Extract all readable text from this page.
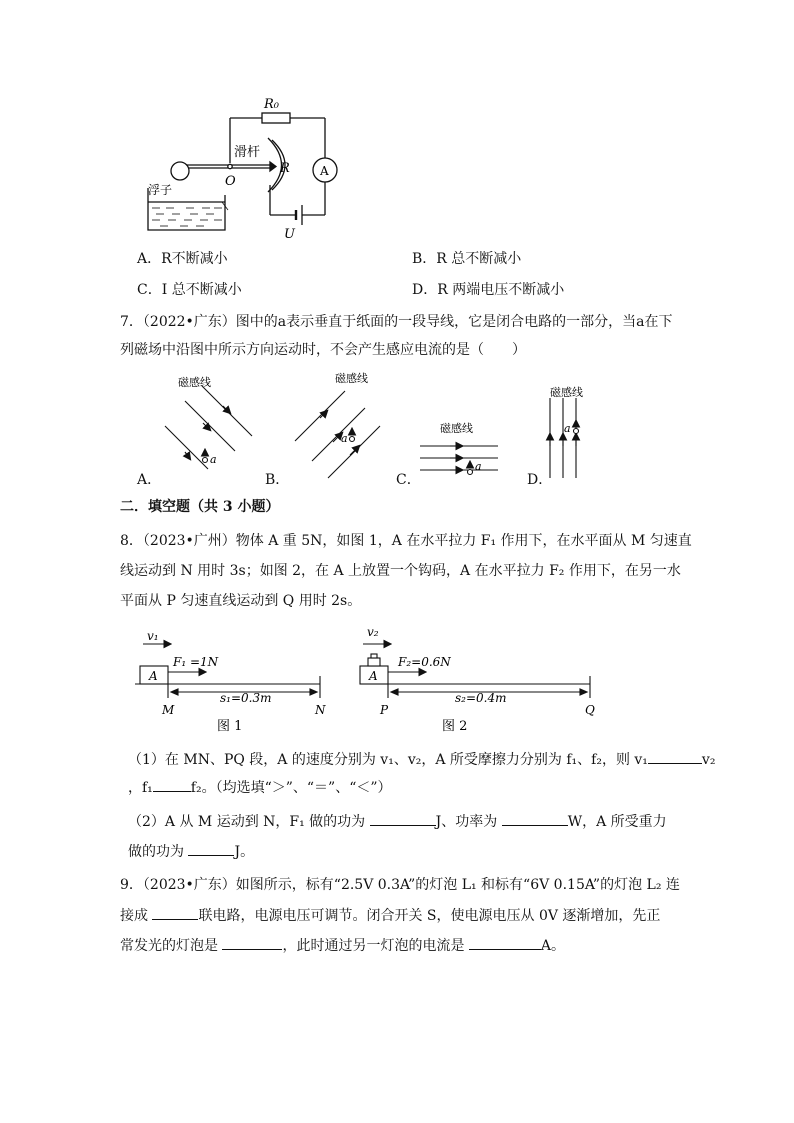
R₀
滑杆
R	A
浮子
O
U
A．R不断减小	B．R 总不断减小
C．I 总不断减小	D．R 两端电压不断减小
7．（2022•广东）图中的a表示垂直于纸面的一段导线，它是闭合电路的一部分，当a在下
列磁场中沿图中所示方向运动时，不会产生感应电流的是（　　）
磁感线	磁感线
磁感线
磁感线
a
a
a
a
A．	B．	C．	D．
二．填空题（共 3 小题）
8．（2023•广州）物体 A 重 5N，如图 1，A 在水平拉力 F₁ 作用下，在水平面从 M 匀速直
线运动到 N 用时 3s；如图 2，在 A 上放置一个钩码，A 在水平拉力 F₂ 作用下，在另一水
平面从 P 匀速直线运动到 Q 用时 2s。
v₁
F₁ =1N
A
s₁=0.3m
M	N
图 1
v₂
F₂=0.6N
A
s₂=0.4m
P	Q
图 2
（1）在 MN、PQ 段，A 的速度分别为 v₁、v₂，A 所受摩擦力分别为 f₁、f₂，则 v₁	v₂
，f₁	f₂。（均选填“＞”、“＝”、“＜”）
（2）A 从 M 运动到 N，F₁ 做的功为	J、功率为	W，A 所受重力
做的功为	J。
9．（2023•广东）如图所示，标有“2.5V 0.3A”的灯泡 L₁ 和标有“6V 0.15A”的灯泡 L₂ 连
接成	联电路，电源电压可调节。闭合开关 S，使电源电压从 0V 逐渐增加，先正
常发光的灯泡是	，此时通过另一灯泡的电流是	A。
